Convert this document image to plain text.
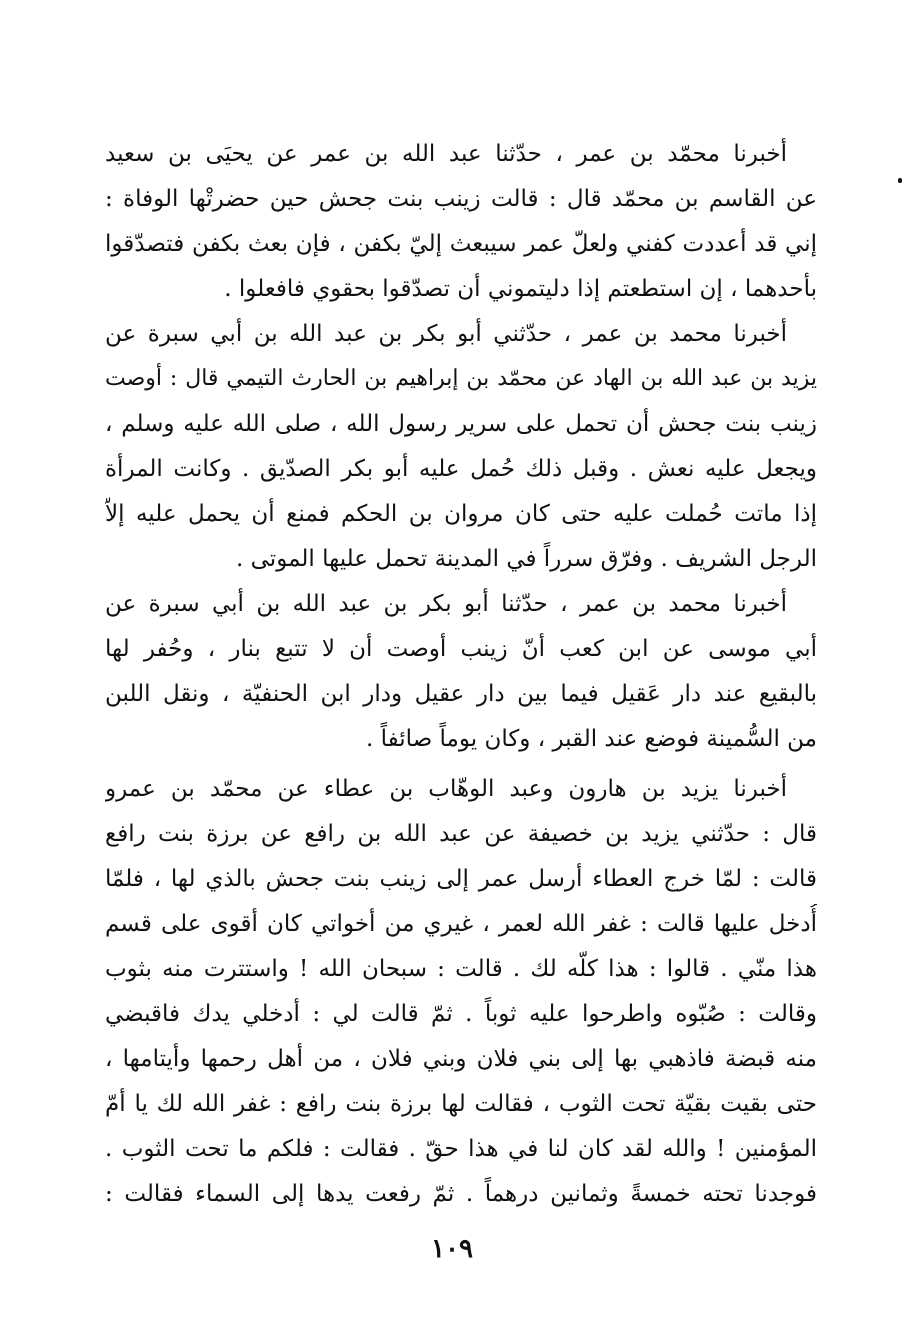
أخبرنا محمّد بن عمر ، حدّثنا عبد الله بن عمر عن يحيَى بن سعيد
عن القاسم بن محمّد قال : قالت زينب بنت جحش حين حضرتْها الوفاة :
إني قد أعددت كفني ولعلّ عمر سيبعث إليّ بكفن ، فإن بعث بكفن فتصدّقوا
بأحدهما ، إن استطعتم إذا دليتموني أن تصدّقوا بحقوي فافعلوا .
أخبرنا محمد بن عمر ، حدّثني أبو بكر بن عبد الله بن أبي سبرة عن
يزيد بن عبد الله بن الهاد عن محمّد بن إبراهيم بن الحارث التيمي قال : أوصت
زينب بنت جحش أن تحمل على سرير رسول الله ، صلى الله عليه وسلم ،
ويجعل عليه نعش . وقبل ذلك حُمل عليه أبو بكر الصدّيق . وكانت المرأة
إذا ماتت حُملت عليه حتى كان مروان بن الحكم فمنع أن يحمل عليه إلاّ
الرجل الشريف . وفرّق سرراً في المدينة تحمل عليها الموتى .
أخبرنا محمد بن عمر ، حدّثنا أبو بكر بن عبد الله بن أبي سبرة عن
أبي موسى عن ابن كعب أنّ زينب أوصت أن لا تتبع بنار ، وحُفر لها
بالبقيع عند دار عَقيل فيما بين دار عقيل ودار ابن الحنفيّة ، ونقل اللبن
من السُّمينة فوضع عند القبر ، وكان يوماً صائفاً .
أخبرنا يزيد بن هارون وعبد الوهّاب بن عطاء عن محمّد بن عمرو
قال : حدّثني يزيد بن خصيفة عن عبد الله بن رافع عن برزة بنت رافع
قالت : لمّا خرج العطاء أرسل عمر إلى زينب بنت جحش بالذي لها ، فلمّا
أُدخل عليها قالت : غفر الله لعمر ، غيري من أخواتي كان أقوى على قسم
هذا منّي . قالوا : هذا كلّه لك . قالت : سبحان الله ! واستترت منه بثوب
وقالت : صُبّوه واطرحوا عليه ثوباً . ثمّ قالت لي : أدخلي يدك فاقبضي
منه قبضة فاذهبي بها إلى بني فلان وبني فلان ، من أهل رحمها وأيتامها ،
حتى بقيت بقيّة تحت الثوب ، فقالت لها برزة بنت رافع : غفر الله لك يا أمّ
المؤمنين ! والله لقد كان لنا في هذا حقّ . فقالت : فلكم ما تحت الثوب .
فوجدنا تحته خمسةً وثمانين درهماً . ثمّ رفعت يدها إلى السماء فقالت :
١٠٩
